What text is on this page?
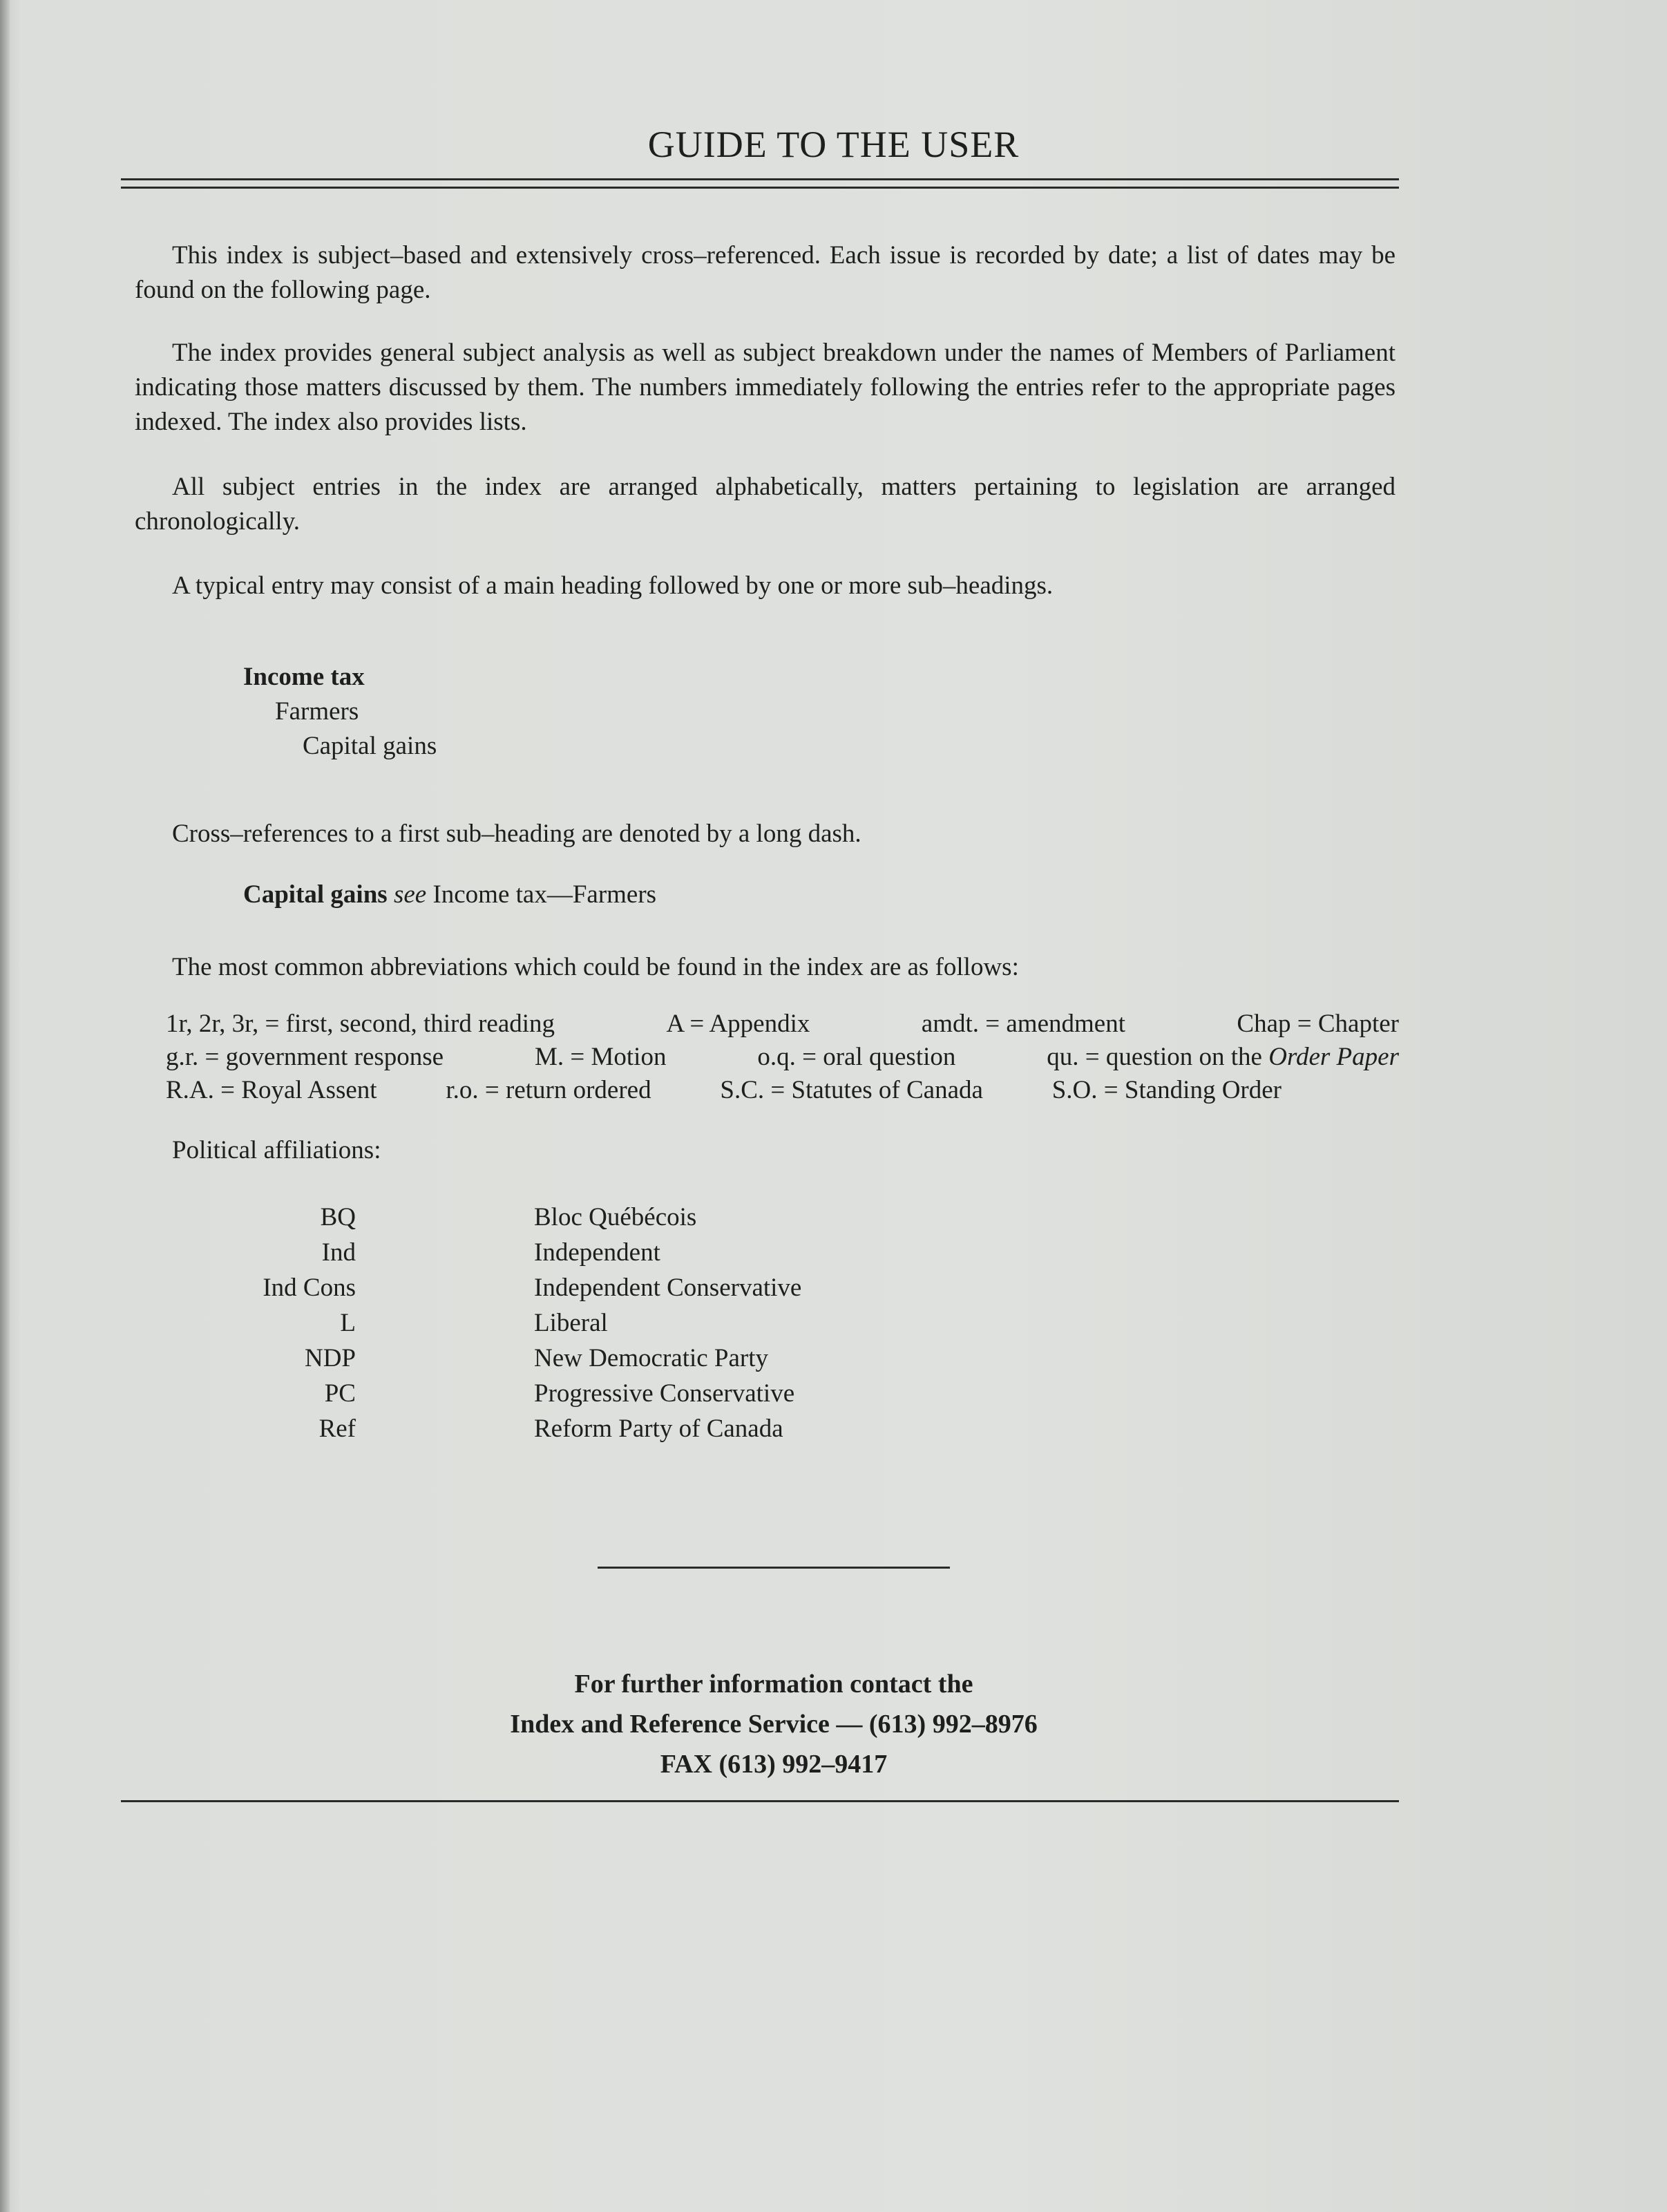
GUIDE TO THE USER
This index is subject–based and extensively cross–referenced. Each issue is recorded by date; a list of dates may be found on the following page.
The index provides general subject analysis as well as subject breakdown under the names of Members of Parliament indicating those matters discussed by them. The numbers immediately following the entries refer to the appropriate pages indexed. The index also provides lists.
All subject entries in the index are arranged alphabetically, matters pertaining to legislation are arranged chronologically.
A typical entry may consist of a main heading followed by one or more sub–headings.
Income tax
Farmers
Capital gains
Cross–references to a first sub–heading are denoted by a long dash.
Capital gains see Income tax—Farmers
The most common abbreviations which could be found in the index are as follows:
1r, 2r, 3r, = first, second, third reading	A = Appendix	amdt. = amendment	Chap = Chapter
g.r. = government response	M. = Motion	o.q. = oral question	qu. = question on the Order Paper
R.A. = Royal Assent	r.o. = return ordered	S.C. = Statutes of Canada	S.O. = Standing Order
Political affiliations:
BQ	Bloc Québécois
Ind	Independent
Ind Cons	Independent Conservative
L	Liberal
NDP	New Democratic Party
PC	Progressive Conservative
Ref	Reform Party of Canada
For further information contact the
Index and Reference Service — (613) 992–8976
FAX (613) 992–9417
